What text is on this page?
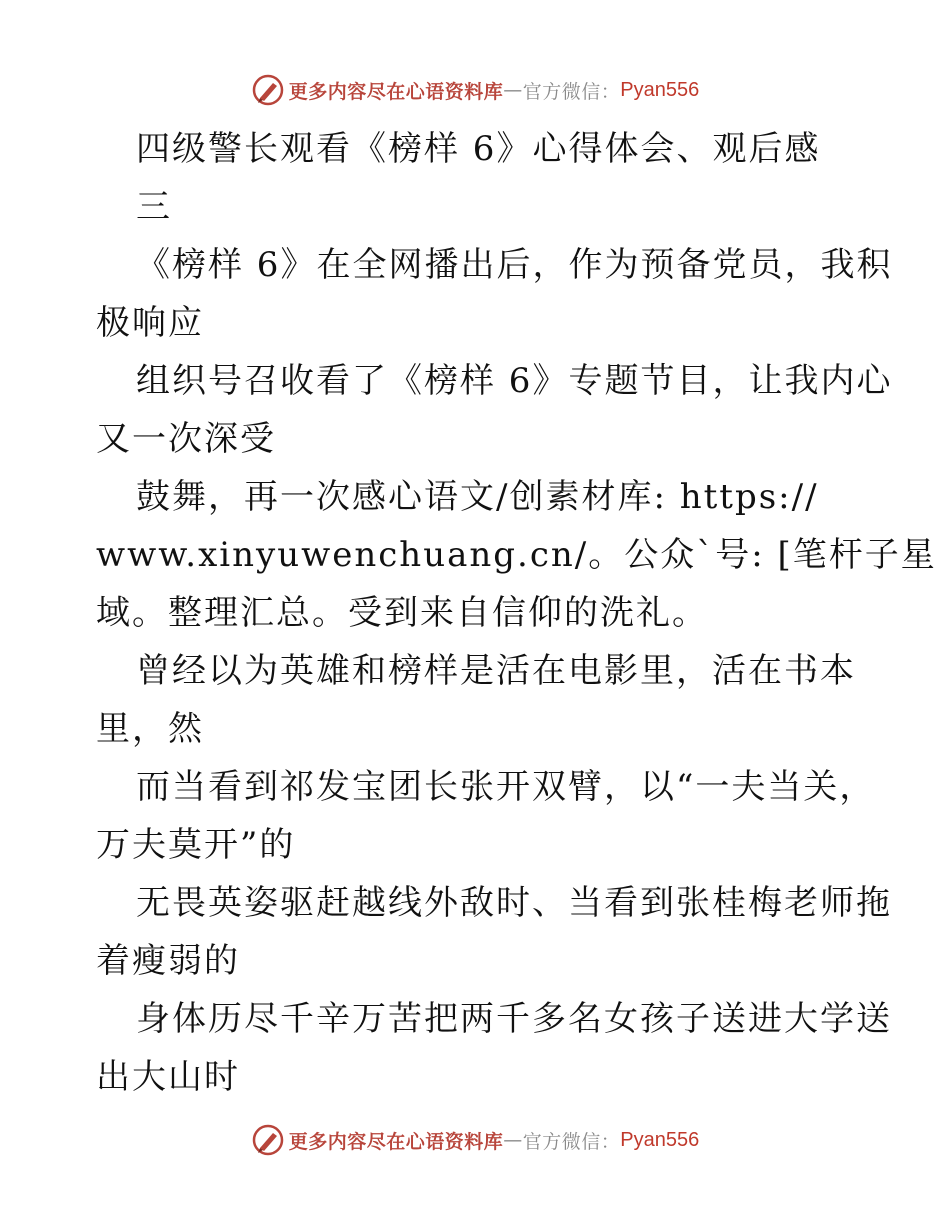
更多内容尽在心语资料库 — 官方微信： Pyan556
四级警长观看《榜样 6》心得体会、观后感
三
《榜样 6》在全网播出后，作为预备党员，我积
极响应
组织号召收看了《榜样 6》专题节目，让我内心
又一次深受
鼓舞，再一次感心语文/创素材库: https://
www.xinyuwenchuang.cn/。公众`号: [笔杆子星
域。整理汇总。受到来自信仰的洗礼。
曾经以为英雄和榜样是活在电影里，活在书本
里，然
而当看到祁发宝团长张开双臂，以“一夫当关，
万夫莫开”的
无畏英姿驱赶越线外敌时、当看到张桂梅老师拖
着瘦弱的
身体历尽千辛万苦把两千多名女孩子送进大学送
出大山时
更多内容尽在心语资料库 — 官方微信： Pyan556
